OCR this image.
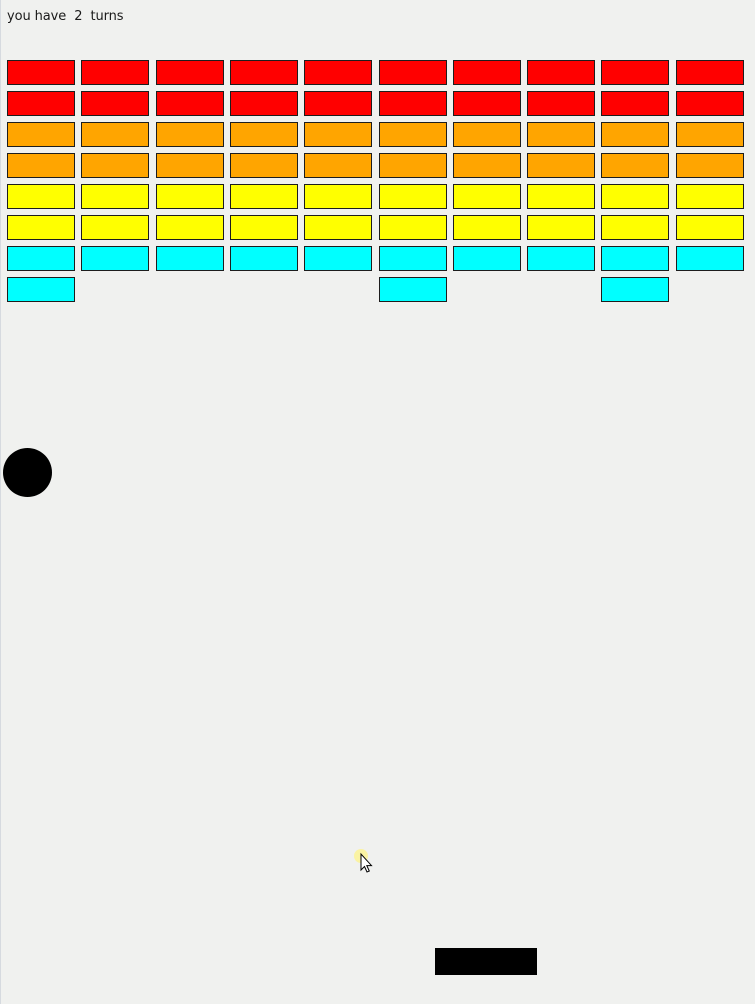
you have 2 turns
